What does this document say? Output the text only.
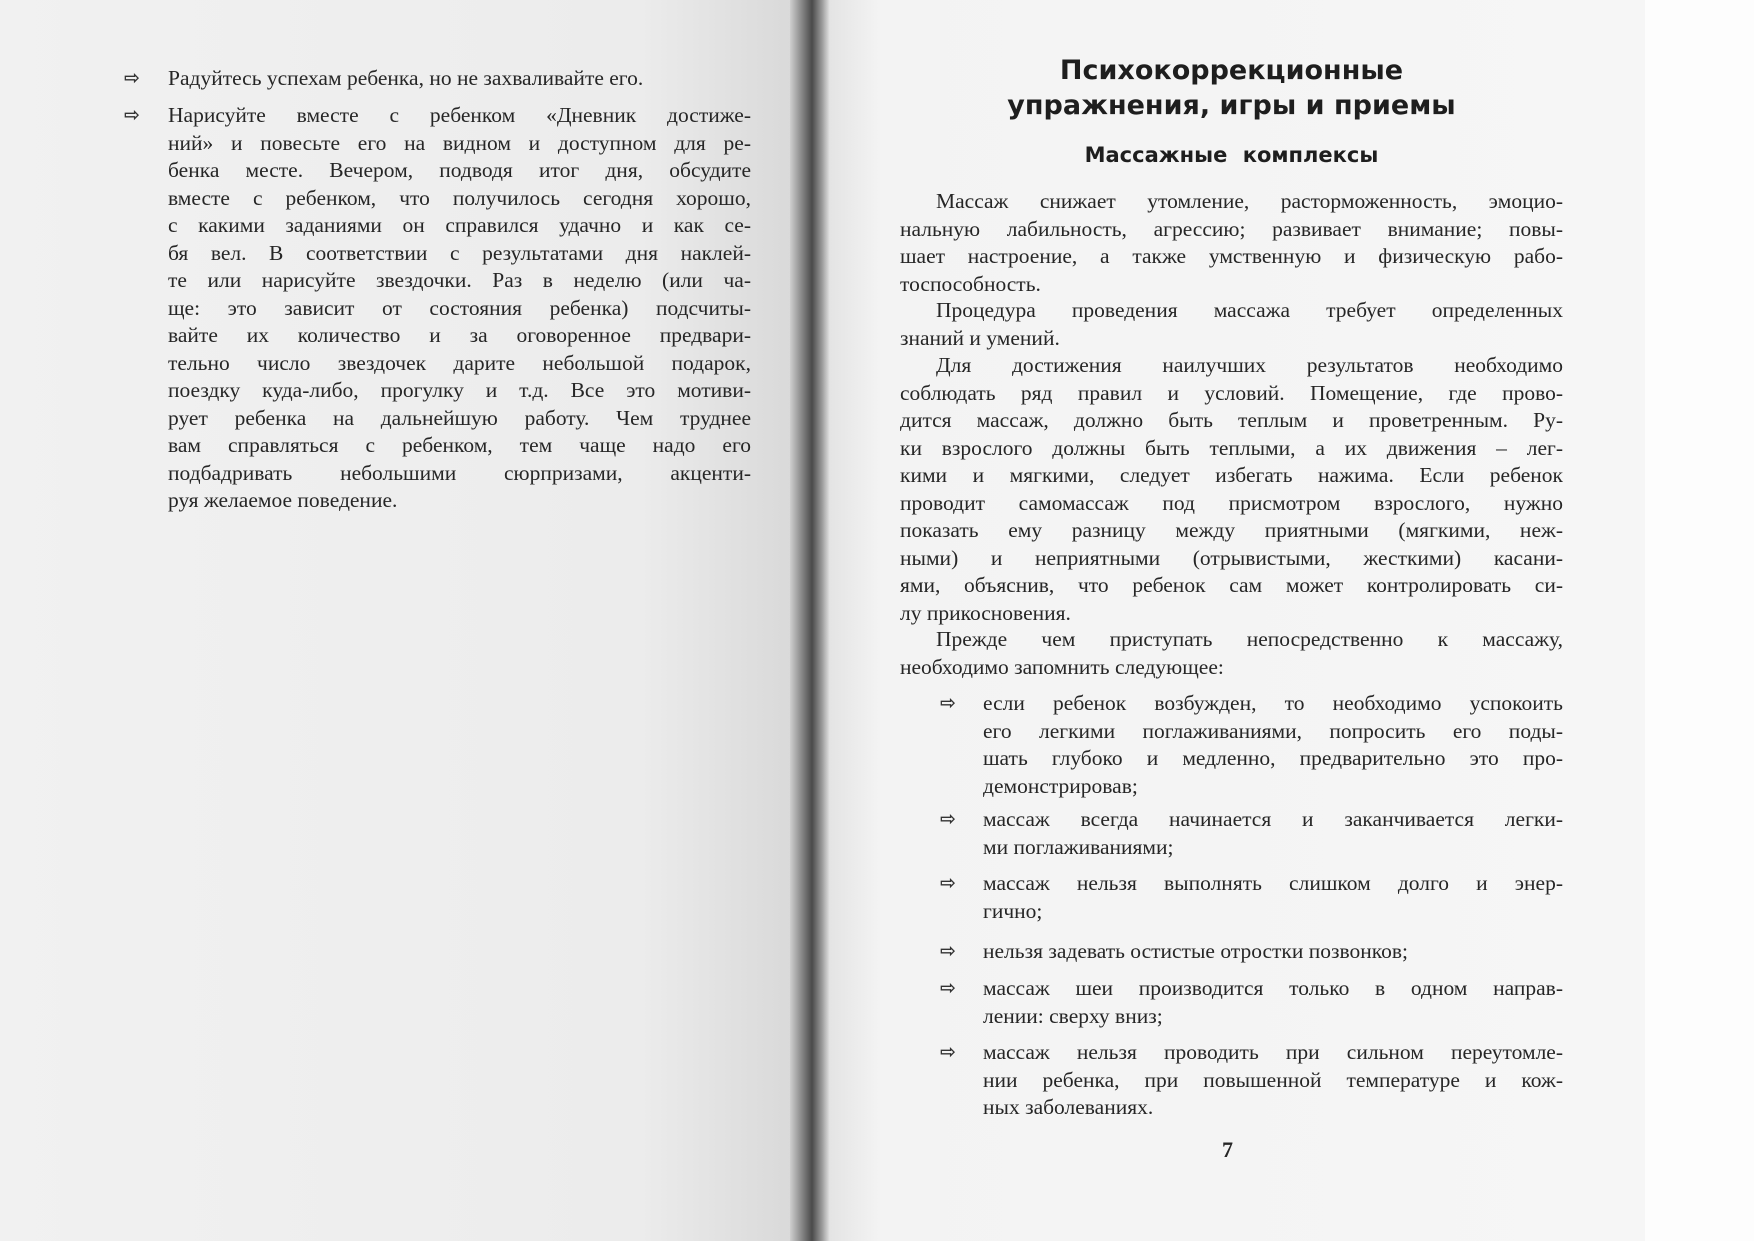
⇨ Радуйтесь успехам ребенка, но не захваливайте его.
⇨ Нарисуйте вместе с ребенком «Дневник достиже-
ний» и повесьте его на видном и доступном для ре-
бенка месте. Вечером, подводя итог дня, обсудите
вместе с ребенком, что получилось сегодня хорошо,
с какими заданиями он справился удачно и как се-
бя вел. В соответствии с результатами дня наклей-
те или нарисуйте звездочки. Раз в неделю (или ча-
ще: это зависит от состояния ребенка) подсчиты-
вайте их количество и за оговоренное предвари-
тельно число звездочек дарите небольшой подарок,
поездку куда-либо, прогулку и т.д. Все это мотиви-
рует ребенка на дальнейшую работу. Чем труднее
вам справляться с ребенком, тем чаще надо его
подбадривать небольшими сюрпризами, акценти-
руя желаемое поведение.
Психокоррекционные
упражнения, игры и приемы
Массажные комплексы
Массаж снижает утомление, расторможенность, эмоцио-
нальную лабильность, агрессию; развивает внимание; повы-
шает настроение, а также умственную и физическую рабо-
тоспособность.
Процедура проведения массажа требует определенных
знаний и умений.
Для достижения наилучших результатов необходимо
соблюдать ряд правил и условий. Помещение, где прово-
дится массаж, должно быть теплым и проветренным. Ру-
ки взрослого должны быть теплыми, а их движения – лег-
кими и мягкими, следует избегать нажима. Если ребенок
проводит самомассаж под присмотром взрослого, нужно
показать ему разницу между приятными (мягкими, неж-
ными) и неприятными (отрывистыми, жесткими) касани-
ями, объяснив, что ребенок сам может контролировать си-
лу прикосновения.
Прежде чем приступать непосредственно к массажу,
необходимо запомнить следующее:
⇨ если ребенок возбужден, то необходимо успокоить
его легкими поглаживаниями, попросить его поды-
шать глубоко и медленно, предварительно это про-
демонстрировав;
⇨ массаж всегда начинается и заканчивается легки-
ми поглаживаниями;
⇨ массаж нельзя выполнять слишком долго и энер-
гично;
⇨ нельзя задевать остистые отростки позвонков;
⇨ массаж шеи производится только в одном направ-
лении: сверху вниз;
⇨ массаж нельзя проводить при сильном переутомле-
нии ребенка, при повышенной температуре и кож-
ных заболеваниях.
7
